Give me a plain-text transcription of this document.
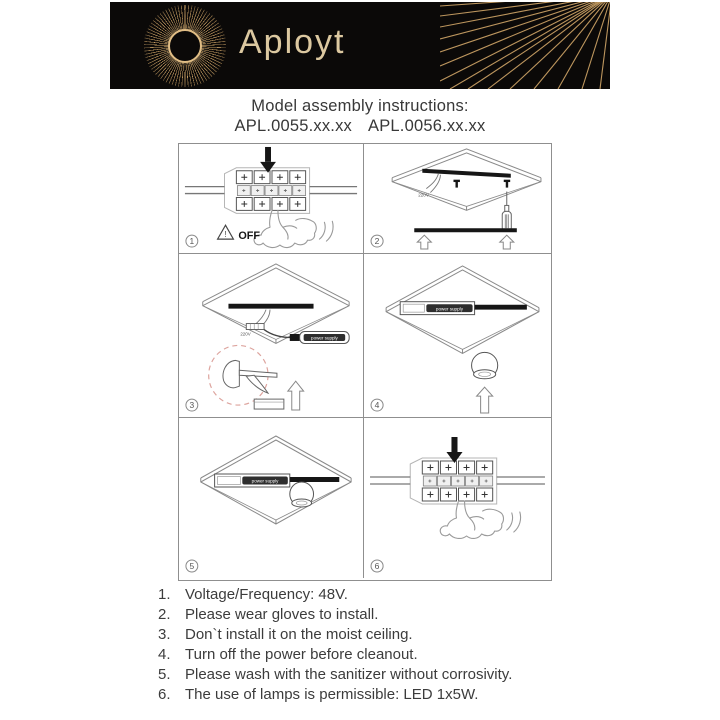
Aployt
Model assembly instructions:
APL.0055.xx.xx APL.0056.xx.xx
! OFF
1
220V
2
220V
power supply
3
power supply
4
power supply
5	6
1. Voltage/Frequency: 48V.
2. Please wear gloves to install.
3. Don`t install it on the moist ceiling.
4. Turn off the power before cleanout.
5. Please wash with the sanitizer without corrosivity.
6. The use of lamps is permissible: LED 1x5W.
